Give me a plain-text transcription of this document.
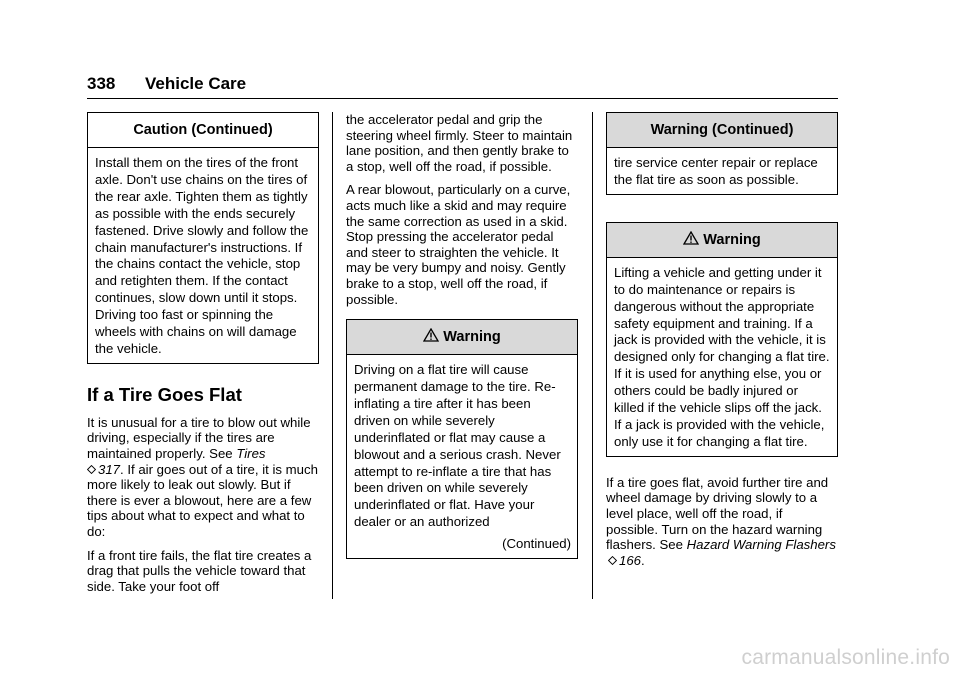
338 Vehicle Care
Caution (Continued)
Install them on the tires of the front axle. Don't use chains on the tires of the rear axle. Tighten them as tightly as possible with the ends securely fastened. Drive slowly and follow the chain manufacturer's instructions. If the chains contact the vehicle, stop and retighten them. If the contact continues, slow down until it stops. Driving too fast or spinning the wheels with chains on will damage the vehicle.
If a Tire Goes Flat

It is unusual for a tire to blow out while driving, especially if the tires are maintained properly. See Tires
317. If air goes out of a tire, it is much more likely to leak out slowly. But if there is ever a blowout, here are a few tips about what to expect and what to do:

If a front tire fails, the flat tire creates a drag that pulls the vehicle toward that side. Take your foot off

the accelerator pedal and grip the steering wheel firmly. Steer to maintain lane position, and then gently brake to a stop, well off the road, if possible.

A rear blowout, particularly on a curve, acts much like a skid and may require the same correction as used in a skid. Stop pressing the accelerator pedal and steer to straighten the vehicle. It may be very bumpy and noisy. Gently brake to a stop, well off the road, if possible.

Warning
Driving on a flat tire will cause permanent damage to the tire. Re-inflating a tire after it has been driven on while severely underinflated or flat may cause a blowout and a serious crash. Never attempt to re-inflate a tire that has been driven on while severely underinflated or flat. Have your dealer or an authorized
(Continued)
Warning (Continued)
tire service center repair or replace the flat tire as soon as possible.
Warning
Lifting a vehicle and getting under it to do maintenance or repairs is dangerous without the appropriate safety equipment and training. If a jack is provided with the vehicle, it is designed only for changing a flat tire. If it is used for anything else, you or others could be badly injured or killed if the vehicle slips off the jack. If a jack is provided with the vehicle, only use it for changing a flat tire.

If a tire goes flat, avoid further tire and wheel damage by driving slowly to a level place, well off the road, if possible. Turn on the hazard warning flashers. See Hazard Warning Flashers166.

carmanualsonline.info
